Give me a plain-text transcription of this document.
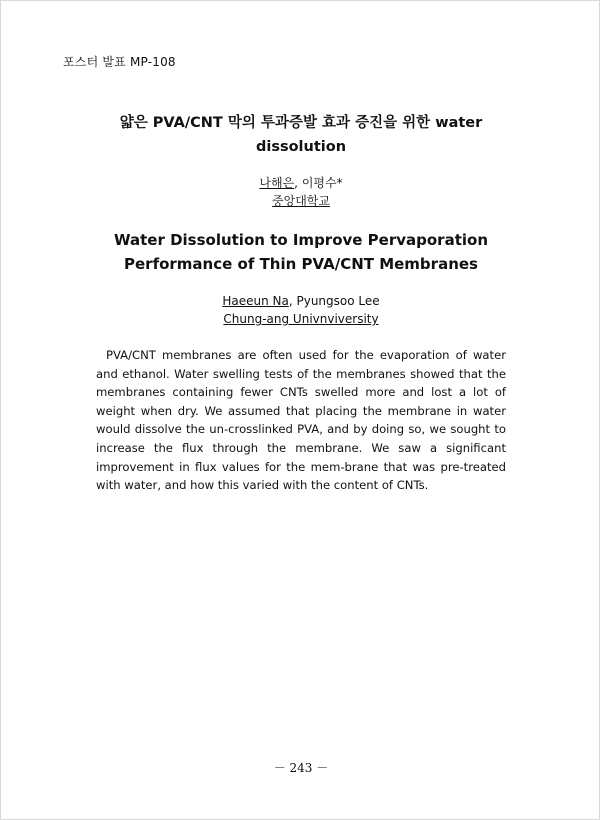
포스터 발표 MP-108
얇은 PVA/CNT 막의 투과증발 효과 증진을 위한 water dissolution
나해은, 이평수*
중앙대학교
Water Dissolution to Improve Pervaporation Performance of Thin PVA/CNT Membranes
Haeeun Na, Pyungsoo Lee
Chung-ang Univnviversity

PVA/CNT membranes are often used for the evaporation of water and ethanol. Water swelling tests of the membranes showed that the membranes containing fewer CNTs swelled more and lost a lot of weight when dry. We assumed that placing the membrane in water would dissolve the un-crosslinked PVA, and by doing so, we sought to increase the flux through the membrane. We saw a significant improvement in flux values for the mem-brane that was pre-treated with water, and how this varied with the content of CNTs.

－ 243 －
